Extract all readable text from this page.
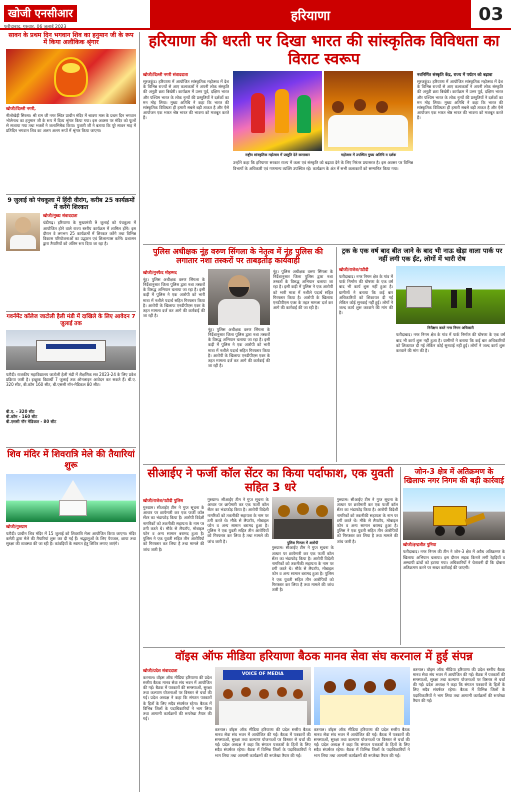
खोजी एनसीआर
फरीदाबाद, गुरुवार, 06 जुलाई 2023
हरियाणा	03
सावन के प्रथम दिन भगवान शिव का हनुमान जी के रूप में किया अलौकिक श्रृंगार
खोजी/दिल्ली नगरी,
नीलोखेड़ी सिरसा। श्री राम जी नगर स्थित प्राचीन मंदिर में श्रावण मास के प्रथम दिन भगवान भोलेनाथ का हनुमान जी के रूप में दिव्य श्रृंगार किया गया। इस अवसर पर मंदिर को फूलों से सजाया गया तथा भक्तों ने जलाभिषेक किया। पुजारी जी ने बताया कि पूरे सावन माह में प्रतिदिन भगवान शिव का अलग अलग रूपों में श्रृंगार किया जाएगा।
9 जुलाई को पंचकूला में हिंदी वीरांग, करीब 25 कार्यक्रमों में करेंगे शिरकत
खोजी/मुख्य संवाददाता
चंडीगढ़। हरियाणा के मुख्यमंत्री 9 जुलाई को पंचकूला में आयोजित होने वाले राज्य स्तरीय कार्यक्रम में शामिल होंगे। इस दौरान वे लगभग 25 कार्यक्रमों में शिरकत करेंगे तथा विभिन्न विकास परियोजनाओं का उद्घाटन एवं शिलान्यास करेंगे। प्रशासन द्वारा तैयारियों को अंतिम रूप दिया जा रहा है।
गवर्नमेंट कॉलेज जाटोली हैली मंडी में दाखिले के लिए आवेदन 7 जुलाई तक
पटौदी। राजकीय महाविद्यालय जाटोली हेली मंडी में शैक्षणिक सत्र 2023-24 के लिए प्रवेश प्रक्रिया जारी है। इच्छुक विद्यार्थी 7 जुलाई तक ऑनलाइन आवेदन कर सकते हैं। बी.ए. 320 सीट, बी.कॉम 160 सीट, बी.एससी नॉन-मेडिकल 80 सीट।
बी.ए. - 320 सीट
बी.कॉम - 160 सीट
बी.एससी नॉन मेडिकल - 80 सीट
शिव मंदिर में शिवरात्रि मेले की तैयारियां शुरू
खोजी/गुरुग्राम
पटौदी। प्राचीन शिव मंदिर में 15 जुलाई को शिवरात्रि मेला आयोजित किया जाएगा। मंदिर कमेटी द्वारा मेले की तैयारियां शुरू कर दी गई हैं। श्रद्धालुओं के लिए पेयजल, छाया तथा सुरक्षा की व्यवस्था की जा रही है। कांवड़ियों के स्वागत हेतु शिविर लगाए जाएंगे।
हरियाणा की धरती पर दिखा भारत की सांस्कृतिक विविधता का विराट स्वरूप
खोजी/दिल्ली नगरी संवाददाता
सूरजकुंड। हरियाणा में आयोजित सांस्कृतिक महोत्सव में देश के विभिन्न राज्यों से आए कलाकारों ने अपनी लोक संस्कृति की अनूठी छटा बिखेरी। कार्यक्रम में उत्तर पूर्व, दक्षिण भारत और पश्चिम भारत के लोक नृत्यों की प्रस्तुतियों ने दर्शकों का मन मोह लिया। मुख्य अतिथि ने कहा कि भारत की सांस्कृतिक विविधता ही हमारी सबसे बड़ी ताकत है और ऐसे आयोजन एक भारत श्रेष्ठ भारत की भावना को मजबूत करते हैं।
राष्ट्रीय सांस्कृतिक महोत्सव में प्रस्तुति देते कलाकार	महोत्सव में उपस्थित मुख्य अतिथि व दर्शक
उन्होंने कहा कि हरियाणा सरकार राज्य में कला एवं संस्कृति को बढ़ावा देने के लिए निरंतर प्रयासरत है। इस अवसर पर विभिन्न विभागों के अधिकारी एवं गणमान्य व्यक्ति उपस्थित रहे। कार्यक्रम के अंत में सभी कलाकारों को सम्मानित किया गया।
नवनिर्मित संस्कृति केंद्र, राज्य में पर्यटन को बढ़ावा
सूरजकुंड। हरियाणा में आयोजित सांस्कृतिक महोत्सव में देश के विभिन्न राज्यों से आए कलाकारों ने अपनी लोक संस्कृति की अनूठी छटा बिखेरी। कार्यक्रम में उत्तर पूर्व, दक्षिण भारत और पश्चिम भारत के लोक नृत्यों की प्रस्तुतियों ने दर्शकों का मन मोह लिया। मुख्य अतिथि ने कहा कि भारत की सांस्कृतिक विविधता ही हमारी सबसे बड़ी ताकत है और ऐसे आयोजन एक भारत श्रेष्ठ भारत की भावना को मजबूत करते हैं।
पुलिस अधीक्षक नूंह वरुण सिंगला के नेतृत्व में नूंह पुलिस की लगातार नशा तस्करों पर ताबड़तोड़ कार्यवाही
खोजी/मुनफैद मोहम्मद
नूंह। पुलिस अधीक्षक वरुण सिंगला के निर्देशानुसार जिला पुलिस द्वारा नशा तस्करों के विरुद्ध अभियान चलाया जा रहा है। इसी कड़ी में पुलिस ने एक आरोपी को भारी मात्रा में नशीले पदार्थ सहित गिरफ्तार किया है। आरोपी के खिलाफ एनडीपीएस एक्ट के तहत मामला दर्ज कर आगे की कार्रवाई की जा रही है।
नूंह। पुलिस अधीक्षक वरुण सिंगला के निर्देशानुसार जिला पुलिस द्वारा नशा तस्करों के विरुद्ध अभियान चलाया जा रहा है। इसी कड़ी में पुलिस ने एक आरोपी को भारी मात्रा में नशीले पदार्थ सहित गिरफ्तार किया है। आरोपी के खिलाफ एनडीपीएस एक्ट के तहत मामला दर्ज कर आगे की कार्रवाई की जा रही है।
नूंह। पुलिस अधीक्षक वरुण सिंगला के निर्देशानुसार जिला पुलिस द्वारा नशा तस्करों के विरुद्ध अभियान चलाया जा रहा है। इसी कड़ी में पुलिस ने एक आरोपी को भारी मात्रा में नशीले पदार्थ सहित गिरफ्तार किया है। आरोपी के खिलाफ एनडीपीएस एक्ट के तहत मामला दर्ज कर आगे की कार्रवाई की जा रही है।
ट्रक के एक वर्ष बाद बीत जाने के बाद भी नाऊ खेड़ा वाला पार्क पर नहीं लगी एक ईंट, लोगों में भारी रोष
खोजी/राजेश/पटौदी
फरीदाबाद। नगर निगम क्षेत्र के गांव में पार्क निर्माण की घोषणा के एक वर्ष बाद भी कार्य शुरू नहीं हुआ है। ग्रामीणों ने बताया कि कई बार अधिकारियों को शिकायत दी गई लेकिन कोई सुनवाई नहीं हुई। लोगों ने जल्द कार्य शुरू करवाने की मांग की है।
निरीक्षण करते नगर निगम अधिकारी
फरीदाबाद। नगर निगम क्षेत्र के गांव में पार्क निर्माण की घोषणा के एक वर्ष बाद भी कार्य शुरू नहीं हुआ है। ग्रामीणों ने बताया कि कई बार अधिकारियों को शिकायत दी गई लेकिन कोई सुनवाई नहीं हुई। लोगों ने जल्द कार्य शुरू करवाने की मांग की है।
सीआईए ने फर्जी कॉल सेंटर का किया पर्दाफाश, एक युवती सहित 3 धरे
खोजी/राजेश/पटौदी पुलिस
गुरुग्राम। सीआईए टीम ने गुप्त सूचना के आधार पर छापेमारी कर एक फर्जी कॉल सेंटर का भंडाफोड़ किया है। आरोपी विदेशी नागरिकों को तकनीकी सहायता के नाम पर ठगी करते थे। मौके से लैपटॉप, मोबाइल फोन व अन्य सामान बरामद हुआ है। पुलिस ने एक युवती सहित तीन आरोपियों को गिरफ्तार कर लिया है तथा मामले की जांच जारी है।
गुरुग्राम। सीआईए टीम ने गुप्त सूचना के आधार पर छापेमारी कर एक फर्जी कॉल सेंटर का भंडाफोड़ किया है। आरोपी विदेशी नागरिकों को तकनीकी सहायता के नाम पर ठगी करते थे। मौके से लैपटॉप, मोबाइल फोन व अन्य सामान बरामद हुआ है। पुलिस ने एक युवती सहित तीन आरोपियों को गिरफ्तार कर लिया है तथा मामले की जांच जारी है।	पुलिस गिरफ्त में आरोपी
गुरुग्राम। सीआईए टीम ने गुप्त सूचना के आधार पर छापेमारी कर एक फर्जी कॉल सेंटर का भंडाफोड़ किया है। आरोपी विदेशी नागरिकों को तकनीकी सहायता के नाम पर ठगी करते थे। मौके से लैपटॉप, मोबाइल फोन व अन्य सामान बरामद हुआ है। पुलिस ने एक युवती सहित तीन आरोपियों को गिरफ्तार कर लिया है तथा मामले की जांच जारी है।
गुरुग्राम। सीआईए टीम ने गुप्त सूचना के आधार पर छापेमारी कर एक फर्जी कॉल सेंटर का भंडाफोड़ किया है। आरोपी विदेशी नागरिकों को तकनीकी सहायता के नाम पर ठगी करते थे। मौके से लैपटॉप, मोबाइल फोन व अन्य सामान बरामद हुआ है। पुलिस ने एक युवती सहित तीन आरोपियों को गिरफ्तार कर लिया है तथा मामले की जांच जारी है।
जोन-3 क्षेत्र में अतिक्रमण के खिलाफ नगर निगम की बड़ी कार्रवाई
खोजी/इन्द्रजीत पुनिया
फरीदाबाद। नगर निगम की टीम ने जोन-3 क्षेत्र में अवैध अतिक्रमण के खिलाफ अभियान चलाया। इस दौरान सड़क किनारे लगी रेहड़ियों व अस्थायी ढांचों को हटाया गया। अधिकारियों ने चेतावनी दी कि दोबारा अतिक्रमण करने पर सख्त कार्रवाई की जाएगी।
वॉइस ऑफ मीडिया हरियाणा बैठक मानव सेवा संघ करनाल में हुई संपन्न
खोजी/प्रदेश संवाददाता
करनाल। वॉइस ऑफ मीडिया हरियाणा की प्रदेश स्तरीय बैठक मानव सेवा संघ भवन में आयोजित की गई। बैठक में पत्रकारों की समस्याओं, सुरक्षा तथा कल्याण योजनाओं पर विस्तार से चर्चा की गई। प्रदेश अध्यक्ष ने कहा कि संगठन पत्रकारों के हितों के लिए सदैव संघर्षरत रहेगा। बैठक में विभिन्न जिलों के पदाधिकारियों ने भाग लिया तथा आगामी कार्यक्रमों की रूपरेखा तैयार की गई।
VOICE OF MEDIA
करनाल। वॉइस ऑफ मीडिया हरियाणा की प्रदेश स्तरीय बैठक मानव सेवा संघ भवन में आयोजित की गई। बैठक में पत्रकारों की समस्याओं, सुरक्षा तथा कल्याण योजनाओं पर विस्तार से चर्चा की गई। प्रदेश अध्यक्ष ने कहा कि संगठन पत्रकारों के हितों के लिए सदैव संघर्षरत रहेगा। बैठक में विभिन्न जिलों के पदाधिकारियों ने भाग लिया तथा आगामी कार्यक्रमों की रूपरेखा तैयार की गई।
करनाल। वॉइस ऑफ मीडिया हरियाणा की प्रदेश स्तरीय बैठक मानव सेवा संघ भवन में आयोजित की गई। बैठक में पत्रकारों की समस्याओं, सुरक्षा तथा कल्याण योजनाओं पर विस्तार से चर्चा की गई। प्रदेश अध्यक्ष ने कहा कि संगठन पत्रकारों के हितों के लिए सदैव संघर्षरत रहेगा। बैठक में विभिन्न जिलों के पदाधिकारियों ने भाग लिया तथा आगामी कार्यक्रमों की रूपरेखा तैयार की गई।
करनाल। वॉइस ऑफ मीडिया हरियाणा की प्रदेश स्तरीय बैठक मानव सेवा संघ भवन में आयोजित की गई। बैठक में पत्रकारों की समस्याओं, सुरक्षा तथा कल्याण योजनाओं पर विस्तार से चर्चा की गई। प्रदेश अध्यक्ष ने कहा कि संगठन पत्रकारों के हितों के लिए सदैव संघर्षरत रहेगा। बैठक में विभिन्न जिलों के पदाधिकारियों ने भाग लिया तथा आगामी कार्यक्रमों की रूपरेखा तैयार की गई।
